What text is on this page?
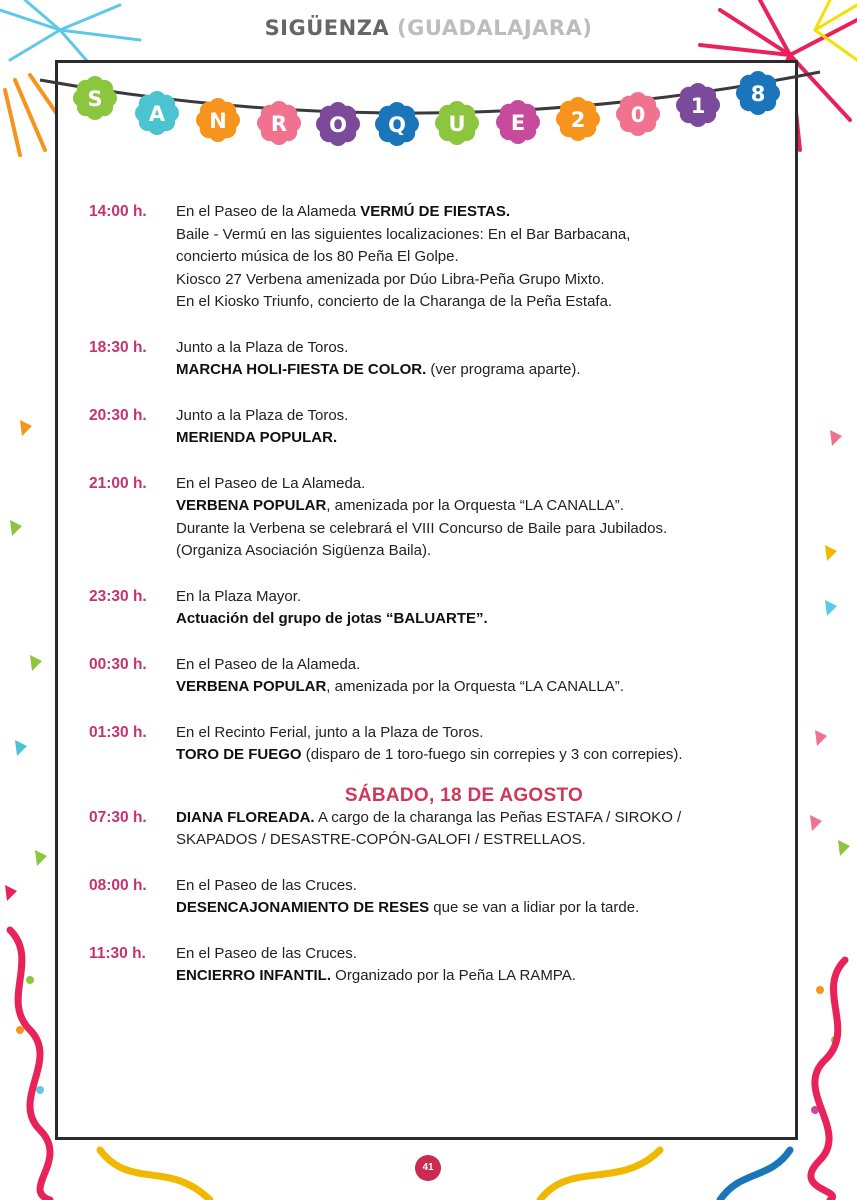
SIGÜENZA (GUADALAJARA)
S
A N R O Q U E 2 0 1 8
14:00 h.	En el Paseo de la Alameda VERMÚ DE FIESTAS.
Baile - Vermú en las siguientes localizaciones: En el Bar Barbacana,
concierto música de los 80 Peña El Golpe.
Kiosco 27 Verbena amenizada por Dúo Libra-Peña Grupo Mixto.
En el Kiosko Triunfo, concierto de la Charanga de la Peña Estafa.
18:30 h.	Junto a la Plaza de Toros.
MARCHA HOLI-FIESTA DE COLOR. (ver programa aparte).
20:30 h.	Junto a la Plaza de Toros.
MERIENDA POPULAR.
21:00 h.	En el Paseo de La Alameda.
VERBENA POPULAR, amenizada por la Orquesta “LA CANALLA”.
Durante la Verbena se celebrará el VIII Concurso de Baile para Jubilados.
(Organiza Asociación Sigüenza Baila).
23:30 h.	En la Plaza Mayor.
Actuación del grupo de jotas “BALUARTE”.
00:30 h.	En el Paseo de la Alameda.
VERBENA POPULAR, amenizada por la Orquesta “LA CANALLA”.
01:30 h.	En el Recinto Ferial, junto a la Plaza de Toros.
TORO DE FUEGO (disparo de 1 toro-fuego sin correpies y 3 con correpies).
SÁBADO, 18 DE AGOSTO
07:30 h.	DIANA FLOREADA. A cargo de la charanga las Peñas ESTAFA / SIROKO /
SKAPADOS / DESASTRE-COPÓN-GALOFI / ESTRELLAOS.
08:00 h.	En el Paseo de las Cruces.
DESENCAJONAMIENTO DE RESES que se van a lidiar por la tarde.
11:30 h.	En el Paseo de las Cruces.
ENCIERRO INFANTIL. Organizado por la Peña LA RAMPA.
41
